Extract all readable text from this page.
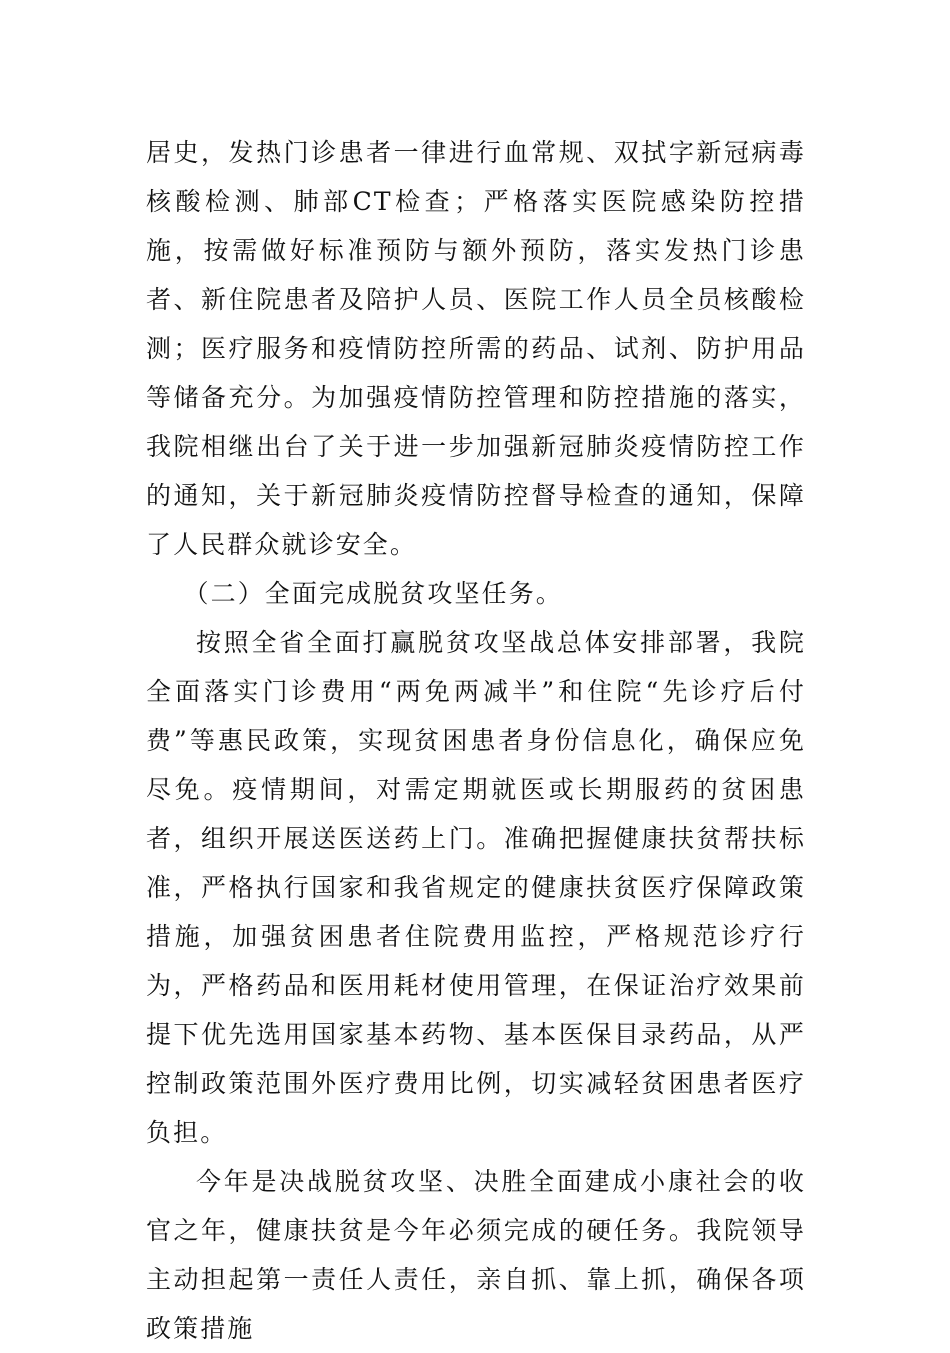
居史，发热门诊患者一律进行血常规、双拭字新冠病毒核酸检测、肺部CT检查；严格落实医院感染防控措施，按需做好标准预防与额外预防，落实发热门诊患者、新住院患者及陪护人员、医院工作人员全员核酸检测；医疗服务和疫情防控所需的药品、试剂、防护用品等储备充分。为加强疫情防控管理和防控措施的落实，我院相继出台了关于进一步加强新冠肺炎疫情防控工作的通知，关于新冠肺炎疫情防控督导检查的通知，保障了人民群众就诊安全。

（二）全面完成脱贫攻坚任务。

按照全省全面打赢脱贫攻坚战总体安排部署，我院全面落实门诊费用“两免两减半”和住院“先诊疗后付费”等惠民政策，实现贫困患者身份信息化，确保应免尽免。疫情期间，对需定期就医或长期服药的贫困患者，组织开展送医送药上门。准确把握健康扶贫帮扶标准，严格执行国家和我省规定的健康扶贫医疗保障政策措施，加强贫困患者住院费用监控，严格规范诊疗行为，严格药品和医用耗材使用管理，在保证治疗效果前提下优先选用国家基本药物、基本医保目录药品，从严控制政策范围外医疗费用比例，切实减轻贫困患者医疗负担。

今年是决战脱贫攻坚、决胜全面建成小康社会的收官之年，健康扶贫是今年必须完成的硬任务。我院领导主动担起第一责任人责任，亲自抓、靠上抓，确保各项政策措施
